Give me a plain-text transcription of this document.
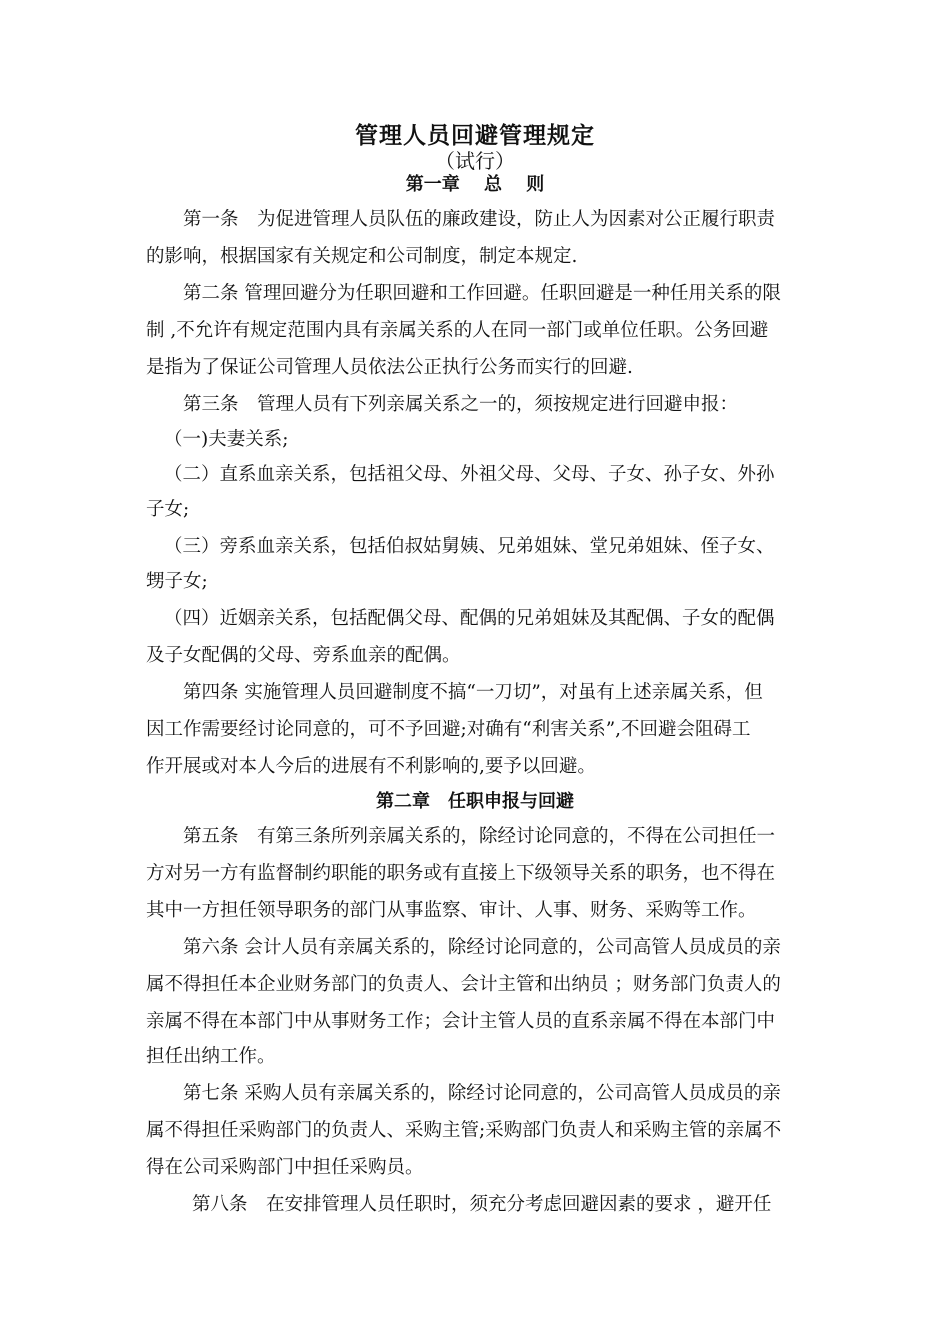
管理人员回避管理规定
（试行）
第一章　 总　 则
第一条　为促进管理人员队伍的廉政建设，防止人为因素对公正履行职责
的影响，根据国家有关规定和公司制度，制定本规定.
第二条 管理回避分为任职回避和工作回避。任职回避是一种任用关系的限
制 ,不允许有规定范围内具有亲属关系的人在同一部门或单位任职。公务回避
是指为了保证公司管理人员依法公正执行公务而实行的回避.
第三条　管理人员有下列亲属关系之一的，须按规定进行回避申报：
（一)夫妻关系;
（二）直系血亲关系，包括祖父母、外祖父母、父母、子女、孙子女、外孙
子女;
（三）旁系血亲关系，包括伯叔姑舅姨、兄弟姐妹、堂兄弟姐妹、侄子女、
甥子女;
（四）近姻亲关系，包括配偶父母、配偶的兄弟姐妹及其配偶、子女的配偶
及子女配偶的父母、旁系血亲的配偶。
第四条 实施管理人员回避制度不搞“一刀切”，对虽有上述亲属关系，但
因工作需要经讨论同意的，可不予回避;对确有“利害关系”,不回避会阻碍工
作开展或对本人今后的进展有不利影响的,要予以回避。
第二章　任职申报与回避
第五条　有第三条所列亲属关系的，除经讨论同意的，不得在公司担任一
方对另一方有监督制约职能的职务或有直接上下级领导关系的职务，也不得在
其中一方担任领导职务的部门从事监察、审计、人事、财务、采购等工作。
第六条 会计人员有亲属关系的，除经讨论同意的，公司高管人员成员的亲
属不得担任本企业财务部门的负责人、会计主管和出纳员 ；财务部门负责人的
亲属不得在本部门中从事财务工作；会计主管人员的直系亲属不得在本部门中
担任出纳工作。
第七条 采购人员有亲属关系的，除经讨论同意的，公司高管人员成员的亲
属不得担任采购部门的负责人、采购主管;采购部门负责人和采购主管的亲属不
得在公司采购部门中担任采购员。
第八条　在安排管理人员任职时，须充分考虑回避因素的要求 ，避开任
